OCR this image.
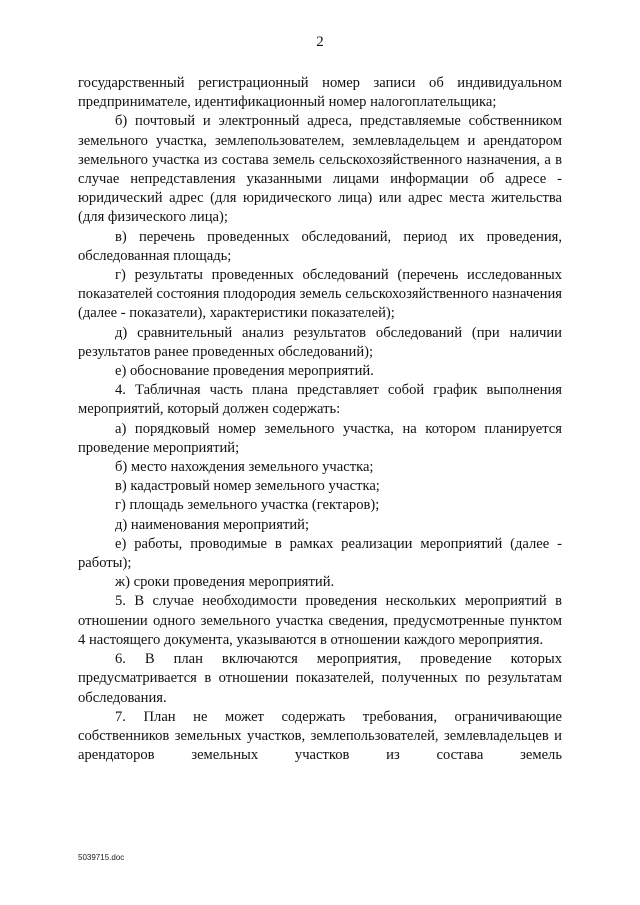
2

государственный регистрационный номер записи об индивидуальном предпринимателе, идентификационный номер налогоплательщика;

б) почтовый и электронный адреса, представляемые собственником земельного участка, землепользователем, землевладельцем и арендатором земельного участка из состава земель сельскохозяйственного назначения, а в случае непредставления указанными лицами информации об адресе - юридический адрес (для юридического лица) или адрес места жительства (для физического лица);

в) перечень проведенных обследований, период их проведения, обследованная площадь;

г) результаты проведенных обследований (перечень исследованных показателей состояния плодородия земель сельскохозяйственного назначения (далее - показатели), характеристики показателей);

д) сравнительный анализ результатов обследований (при наличии результатов ранее проведенных обследований);

е) обоснование проведения мероприятий.

4. Табличная часть плана представляет собой график выполнения мероприятий, который должен содержать:

а) порядковый номер земельного участка, на котором планируется проведение мероприятий;

б) место нахождения земельного участка;

в) кадастровый номер земельного участка;

г) площадь земельного участка (гектаров);

д) наименования мероприятий;

е) работы, проводимые в рамках реализации мероприятий (далее - работы);

ж) сроки проведения мероприятий.

5. В случае необходимости проведения нескольких мероприятий в отношении одного земельного участка сведения, предусмотренные пунктом 4 настоящего документа, указываются в отношении каждого мероприятия.

6. В план включаются мероприятия, проведение которых предусматривается в отношении показателей, полученных по результатам обследования.

7. План не может содержать требования, ограничивающие собственников земельных участков, землепользователей, землевладельцев и арендаторов земельных участков из состава земель

5039715.doc
